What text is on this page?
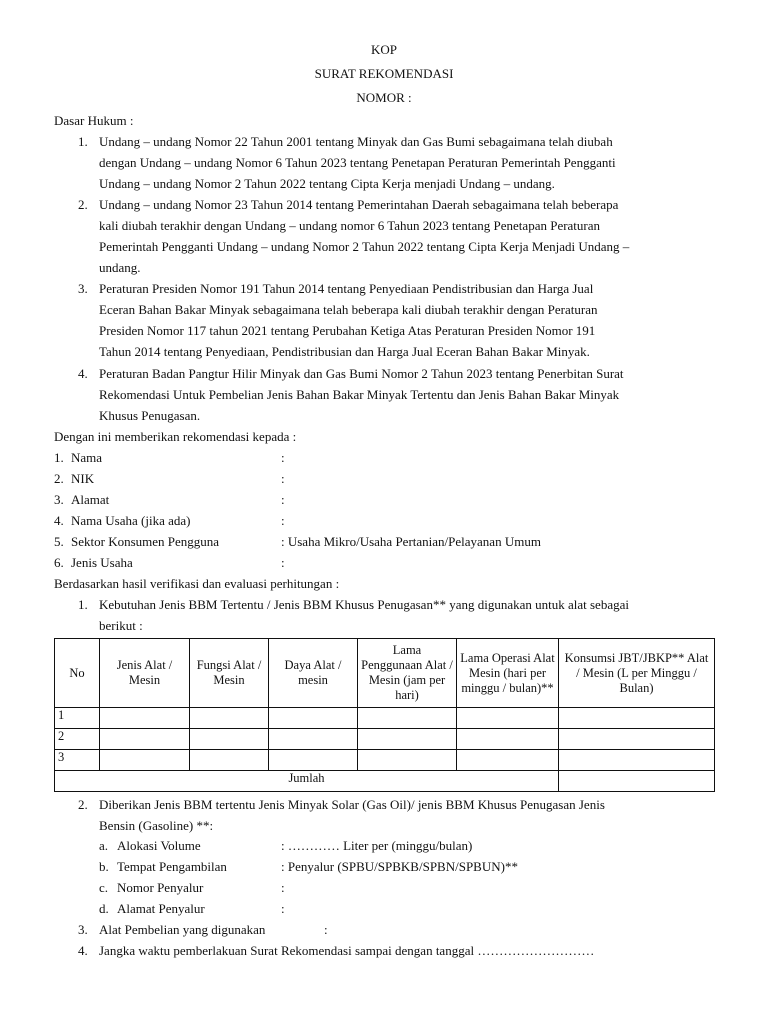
KOP
SURAT REKOMENDASI
NOMOR :
Dasar Hukum :
1. Undang – undang Nomor 22 Tahun 2001 tentang Minyak dan Gas Bumi sebagaimana telah diubah
dengan Undang – undang Nomor 6 Tahun 2023 tentang Penetapan Peraturan Pemerintah Pengganti
Undang – undang Nomor 2 Tahun 2022 tentang Cipta Kerja menjadi Undang – undang.
2. Undang – undang Nomor 23 Tahun 2014 tentang Pemerintahan Daerah sebagaimana telah beberapa
kali diubah terakhir dengan Undang – undang nomor 6 Tahun 2023 tentang Penetapan Peraturan
Pemerintah Pengganti Undang – undang Nomor 2 Tahun 2022 tentang Cipta Kerja Menjadi Undang –
undang.
3. Peraturan Presiden Nomor 191 Tahun 2014 tentang Penyediaan Pendistribusian dan Harga Jual
Eceran Bahan Bakar Minyak sebagaimana telah beberapa kali diubah terakhir dengan Peraturan
Presiden Nomor 117 tahun 2021 tentang Perubahan Ketiga Atas Peraturan Presiden Nomor 191
Tahun 2014 tentang Penyediaan, Pendistribusian dan Harga Jual Eceran Bahan Bakar Minyak.
4. Peraturan Badan Pangtur Hilir Minyak dan Gas Bumi Nomor 2 Tahun 2023 tentang Penerbitan Surat
Rekomendasi Untuk Pembelian Jenis Bahan Bakar Minyak Tertentu dan Jenis Bahan Bakar Minyak
Khusus Penugasan.
Dengan ini memberikan rekomendasi kepada :
1. Nama	:
2. NIK	:
3. Alamat	:
4. Nama Usaha (jika ada)	:
5. Sektor Konsumen Pengguna	: Usaha Mikro/Usaha Pertanian/Pelayanan Umum
6. Jenis Usaha	:
Berdasarkan hasil verifikasi dan evaluasi perhitungan :
1. Kebutuhan Jenis BBM Tertentu / Jenis BBM Khusus Penugasan** yang digunakan untuk alat sebagai
berikut :
No	Jenis Alat / Mesin	Fungsi Alat / Mesin	Daya Alat / mesin	Lama Penggunaan Alat / Mesin (jam per hari)	Lama Operasi Alat Mesin (hari per minggu / bulan)**	Konsumsi JBT/JBKP** Alat / Mesin (L per Minggu / Bulan)
1						
2						
3						
Jumlah						
2. Diberikan Jenis BBM tertentu Jenis Minyak Solar (Gas Oil)/ jenis BBM Khusus Penugasan Jenis
Bensin (Gasoline) **:
a. Alokasi Volume	: ………… Liter per (minggu/bulan)
b. Tempat Pengambilan	: Penyalur (SPBU/SPBKB/SPBN/SPBUN)**
c. Nomor Penyalur	:
d. Alamat Penyalur	:
3. Alat Pembelian yang digunakan	:
4. Jangka waktu pemberlakuan Surat Rekomendasi sampai dengan tanggal ………………………
